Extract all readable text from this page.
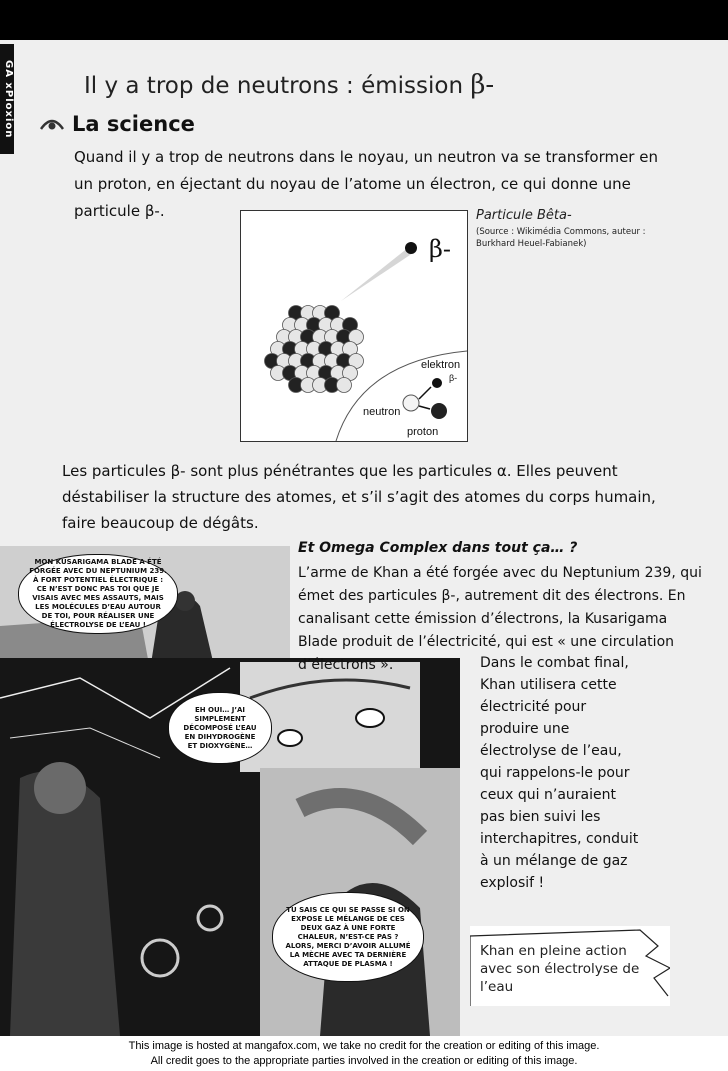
GA xPloxion	Il y a trop de neutrons : émission β-
La science
Quand il y a trop de neutrons dans le noyau, un neutron va se transformer en un proton, en éjectant du noyau de l’atome un électron, ce qui donne une particule β-.
β-
elektron
β-
neutron
proton
Particule Bêta-
(Source : Wikimédia Commons, auteur : Burkhard Heuel-Fabianek)
Les particules β- sont plus pénétrantes que les particules α. Elles peuvent déstabiliser la structure des atomes, et s’il s’agit des atomes du corps humain, faire beaucoup de dégâts.
MON KUSARIGAMA BLADE A ÉTÉ FORGÉE AVEC DU NEPTUNIUM 239. À FORT POTENTIEL ÉLECTRIQUE : CE N’EST DONC PAS TOI QUE JE VISAIS AVEC MES ASSAUTS, MAIS LES MOLÉCULES D’EAU AUTOUR DE TOI, POUR RÉALISER UNE ÉLECTROLYSE DE L’EAU !
EH OUI… J’AI SIMPLEMENT DÉCOMPOSÉ L’EAU EN DIHYDROGÈNE ET DIOXYGÈNE…
TU SAIS CE QUI SE PASSE SI ON EXPOSE LE MÉLANGE DE CES DEUX GAZ À UNE FORTE CHALEUR, N’EST-CE PAS ? ALORS, MERCI D’AVOIR ALLUMÉ LA MÈCHE AVEC TA DERNIÈRE ATTAQUE DE PLASMA !
Et Omega Complex dans tout ça… ?
L’arme de Khan a été forgée avec du Neptunium 239, qui émet des particules β-, autrement dit des électrons. En canalisant cette émission d’électrons, la Kusarigama Blade produit de l’électricité, qui est « une circulation d’électrons ».	Dans le combat final, Khan utilisera cette électricité pour produire une électrolyse de l’eau, qui rappelons-le pour ceux qui n’auraient pas bien suivi les interchapitres, conduit à un mélange de gaz explosif !
Khan en pleine action avec son électrolyse de l’eau
This image is hosted at mangafox.com, we take no credit for the creation or editing of this image.
All credit goes to the appropriate parties involved in the creation or editing of this image.
